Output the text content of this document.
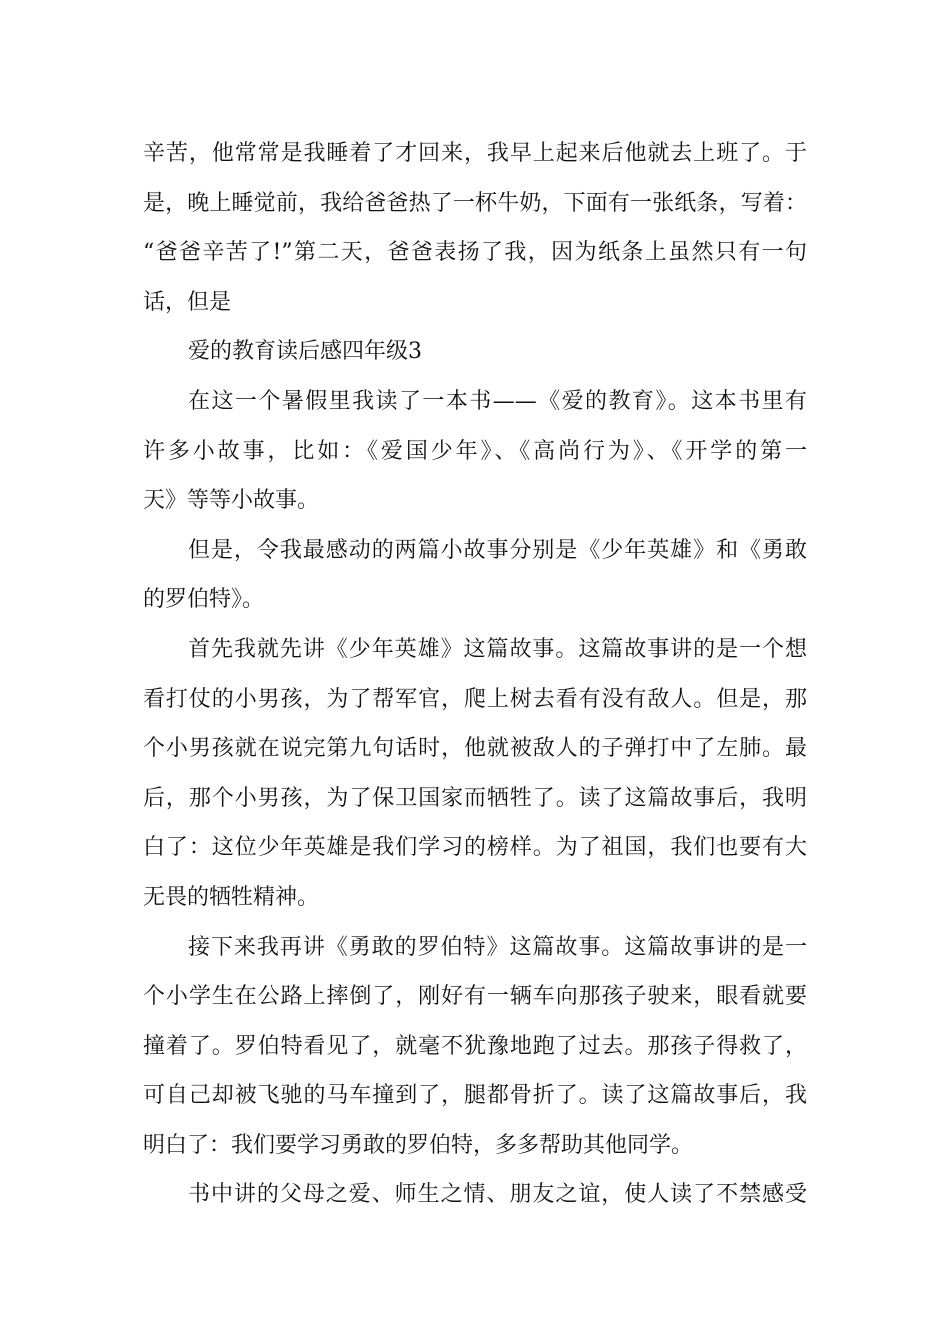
辛苦，他常常是我睡着了才回来，我早上起来后他就去上班了。于
是，晚上睡觉前，我给爸爸热了一杯牛奶，下面有一张纸条，写着：
“爸爸辛苦了!”第二天，爸爸表扬了我，因为纸条上虽然只有一句
话，但是
爱的教育读后感四年级3
在这一个暑假里我读了一本书——《爱的教育》。这本书里有
许多小故事，比如：《爱国少年》、《高尚行为》、《开学的第一
天》等等小故事。
但是，令我最感动的两篇小故事分别是《少年英雄》和《勇敢
的罗伯特》。
首先我就先讲《少年英雄》这篇故事。这篇故事讲的是一个想
看打仗的小男孩，为了帮军官，爬上树去看有没有敌人。但是，那
个小男孩就在说完第九句话时，他就被敌人的子弹打中了左肺。最
后，那个小男孩，为了保卫国家而牺牲了。读了这篇故事后，我明
白了：这位少年英雄是我们学习的榜样。为了祖国，我们也要有大
无畏的牺牲精神。
接下来我再讲《勇敢的罗伯特》这篇故事。这篇故事讲的是一
个小学生在公路上摔倒了，刚好有一辆车向那孩子驶来，眼看就要
撞着了。罗伯特看见了，就毫不犹豫地跑了过去。那孩子得救了，
可自己却被飞驰的马车撞到了，腿都骨折了。读了这篇故事后，我
明白了：我们要学习勇敢的罗伯特，多多帮助其他同学。
书中讲的父母之爱、师生之情、朋友之谊，使人读了不禁感受
